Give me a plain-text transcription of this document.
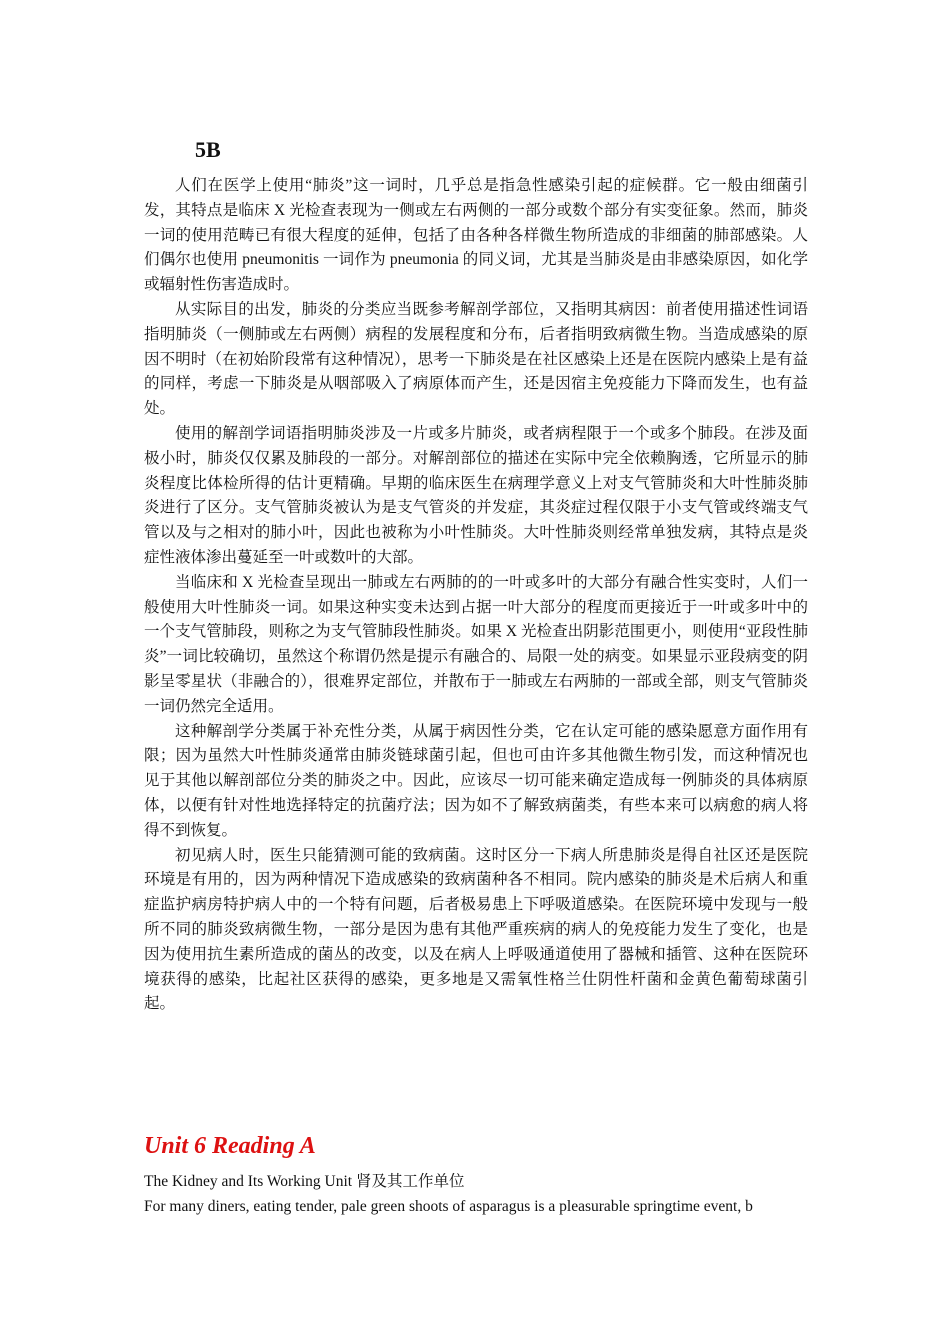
5B

人们在医学上使用“肺炎”这一词时，几乎总是指急性感染引起的症候群。它一般由细菌引发，其特点是临床 X 光检查表现为一侧或左右两侧的一部分或数个部分有实变征象。然而，肺炎一词的使用范畴已有很大程度的延伸，包括了由各种各样微生物所造成的非细菌的肺部感染。人们偶尔也使用 pneumonitis 一词作为 pneumonia 的同义词，尤其是当肺炎是由非感染原因，如化学或辐射性伤害造成时。

从实际目的出发，肺炎的分类应当既参考解剖学部位，又指明其病因：前者使用描述性词语指明肺炎（一侧肺或左右两侧）病程的发展程度和分布，后者指明致病微生物。当造成感染的原因不明时（在初始阶段常有这种情况），思考一下肺炎是在社区感染上还是在医院内感染上是有益的同样，考虑一下肺炎是从咽部吸入了病原体而产生，还是因宿主免疫能力下降而发生，也有益处。

使用的解剖学词语指明肺炎涉及一片或多片肺炎，或者病程限于一个或多个肺段。在涉及面极小时，肺炎仅仅累及肺段的一部分。对解剖部位的描述在实际中完全依赖胸透，它所显示的肺炎程度比体检所得的估计更精确。早期的临床医生在病理学意义上对支气管肺炎和大叶性肺炎肺炎进行了区分。支气管肺炎被认为是支气管炎的并发症，其炎症过程仅限于小支气管或终端支气管以及与之相对的肺小叶，因此也被称为小叶性肺炎。大叶性肺炎则经常单独发病，其特点是炎症性液体渗出蔓延至一叶或数叶的大部。

当临床和 X 光检查呈现出一肺或左右两肺的的一叶或多叶的大部分有融合性实变时，人们一般使用大叶性肺炎一词。如果这种实变未达到占据一叶大部分的程度而更接近于一叶或多叶中的一个支气管肺段，则称之为支气管肺段性肺炎。如果 X 光检查出阴影范围更小，则使用“亚段性肺炎”一词比较确切，虽然这个称谓仍然是提示有融合的、局限一处的病变。如果显示亚段病变的阴影呈零星状（非融合的），很难界定部位，并散布于一肺或左右两肺的一部或全部，则支气管肺炎一词仍然完全适用。

这种解剖学分类属于补充性分类，从属于病因性分类，它在认定可能的感染愿意方面作用有限；因为虽然大叶性肺炎通常由肺炎链球菌引起，但也可由许多其他微生物引发，而这种情况也见于其他以解剖部位分类的肺炎之中。因此，应该尽一切可能来确定造成每一例肺炎的具体病原体，以便有针对性地选择特定的抗菌疗法；因为如不了解致病菌类，有些本来可以病愈的病人将得不到恢复。

初见病人时，医生只能猜测可能的致病菌。这时区分一下病人所患肺炎是得自社区还是医院环境是有用的，因为两种情况下造成感染的致病菌种各不相同。院内感染的肺炎是术后病人和重症监护病房特护病人中的一个特有问题，后者极易患上下呼吸道感染。在医院环境中发现与一般所不同的肺炎致病微生物，一部分是因为患有其他严重疾病的病人的免疫能力发生了变化，也是因为使用抗生素所造成的菌丛的改变，以及在病人上呼吸通道使用了器械和插管、这种在医院环境获得的感染，比起社区获得的感染，更多地是又需氧性格兰仕阴性杆菌和金黄色葡萄球菌引起。

Unit 6 Reading A
The Kidney and Its Working Unit 肾及其工作单位
For many diners, eating tender, pale green shoots of asparagus is a pleasurable springtime event, b
